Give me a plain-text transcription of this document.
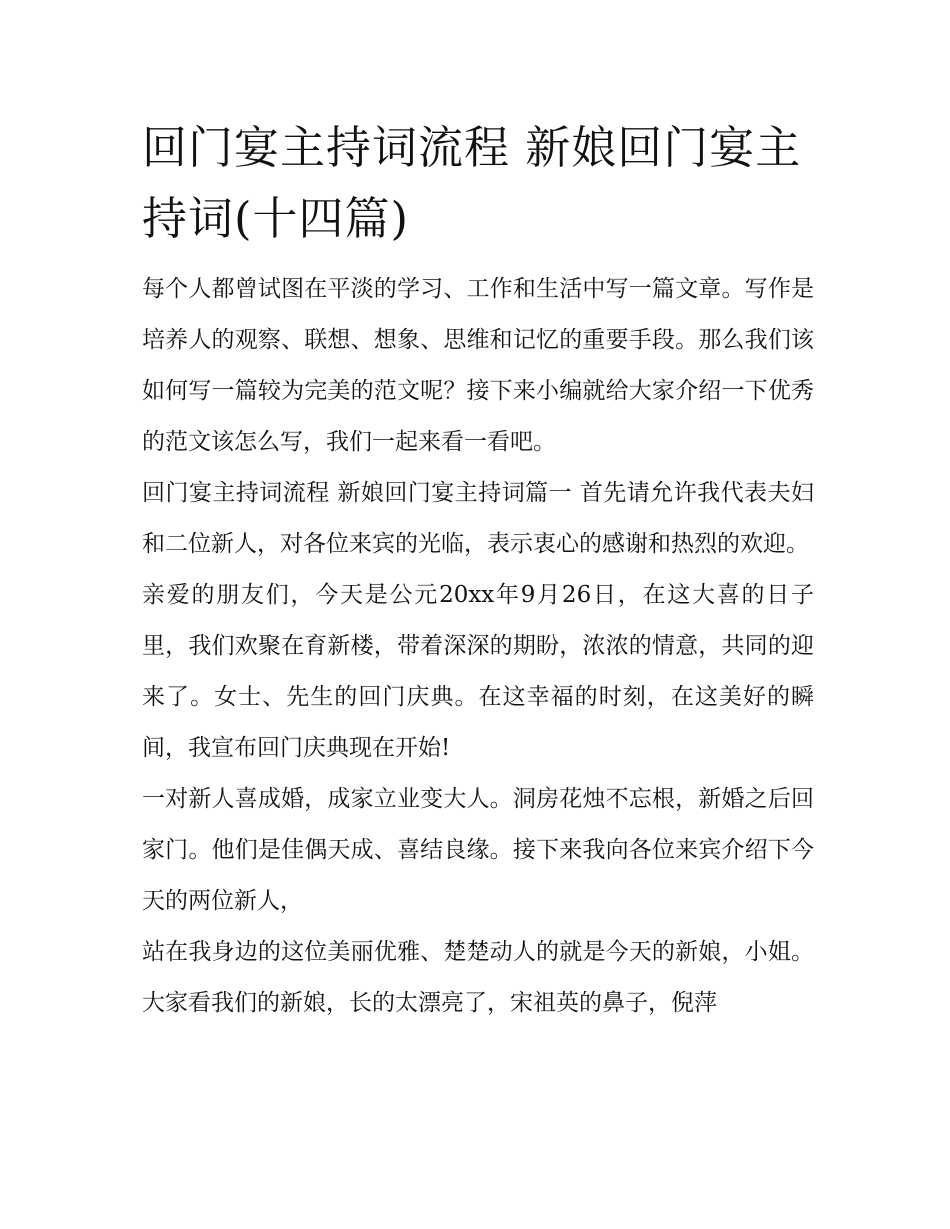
回门宴主持词流程 新娘回门宴主持词(十四篇)

每个人都曾试图在平淡的学习、工作和生活中写一篇文章。写作是培养人的观察、联想、想象、思维和记忆的重要手段。那么我们该如何写一篇较为完美的范文呢？接下来小编就给大家介绍一下优秀的范文该怎么写，我们一起来看一看吧。

回门宴主持词流程 新娘回门宴主持词篇一 首先请允许我代表夫妇和二位新人，对各位来宾的光临，表示衷心的感谢和热烈的欢迎。

亲爱的朋友们，今天是公元20xx年9月26日，在这大喜的日子里，我们欢聚在育新楼，带着深深的期盼，浓浓的情意，共同的迎来了。女士、先生的回门庆典。在这幸福的时刻，在这美好的瞬间，我宣布回门庆典现在开始!

一对新人喜成婚，成家立业变大人。洞房花烛不忘根，新婚之后回家门。他们是佳偶天成、喜结良缘。接下来我向各位来宾介绍下今天的两位新人，

站在我身边的这位美丽优雅、楚楚动人的就是今天的新娘，小姐。大家看我们的新娘，长的太漂亮了，宋祖英的鼻子，倪萍
